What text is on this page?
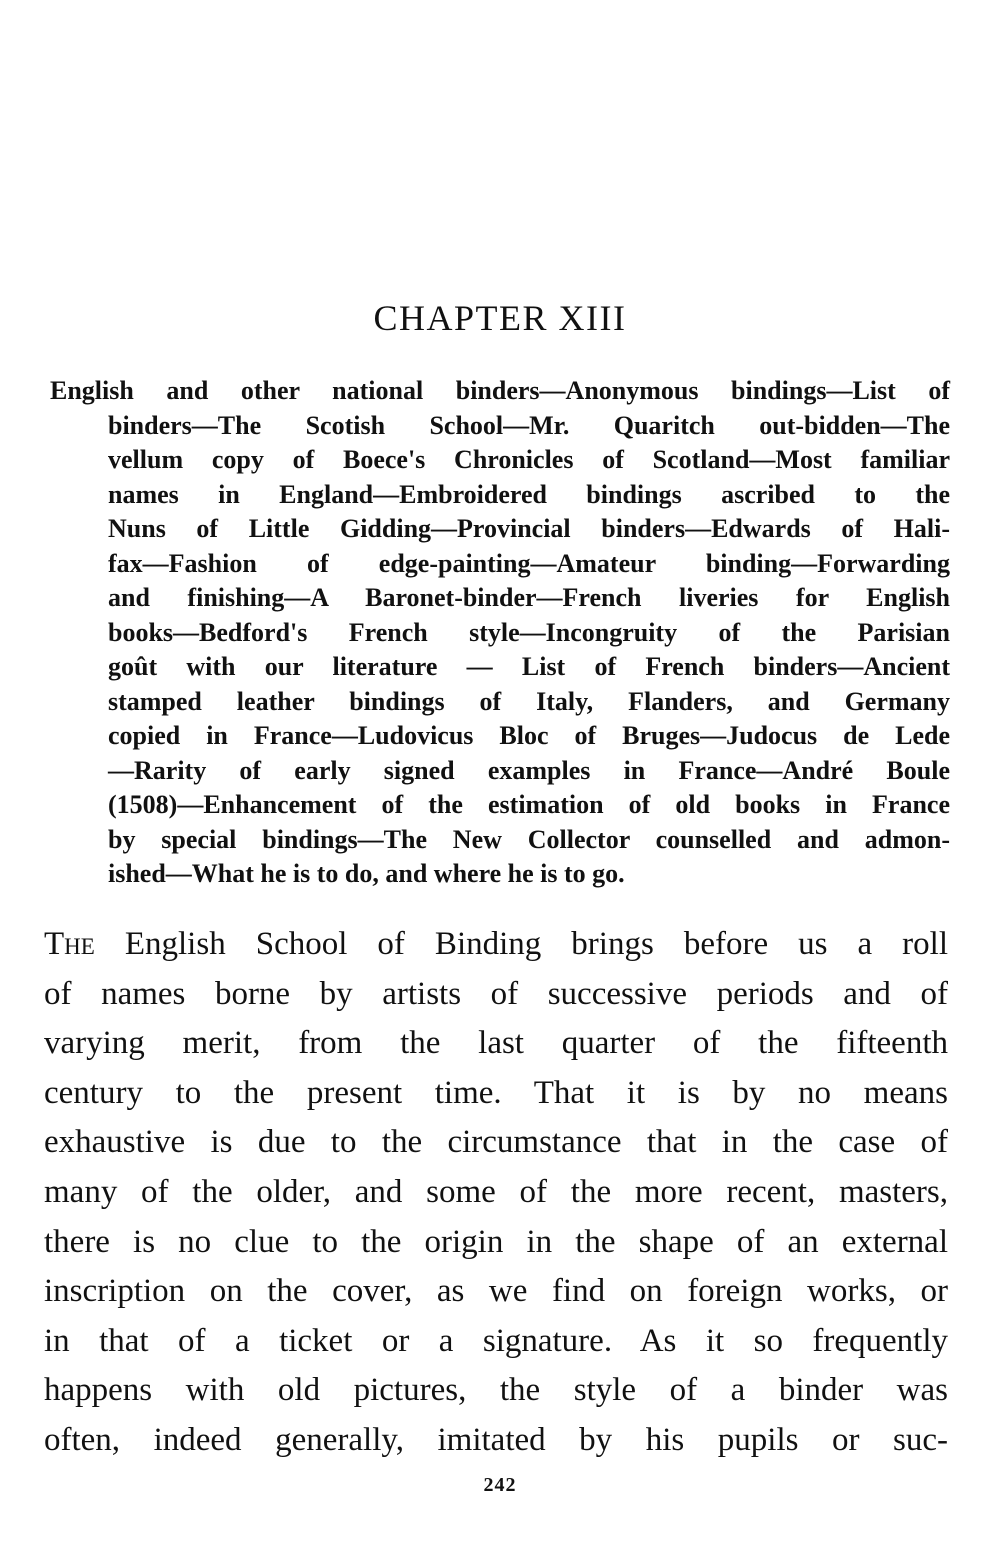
CHAPTER XIII
English and other national binders—Anonymous bindings—List of
binders—The Scotish School—Mr. Quaritch out-bidden—The
vellum copy of Boece's Chronicles of Scotland—Most familiar
names in England—Embroidered bindings ascribed to the
Nuns of Little Gidding—Provincial binders—Edwards of Hali-
fax—Fashion of edge-painting—Amateur binding—Forwarding
and finishing—A Baronet-binder—French liveries for English
books—Bedford's French style—Incongruity of the Parisian
goût with our literature — List of French binders—Ancient
stamped leather bindings of Italy, Flanders, and Germany
copied in France—Ludovicus Bloc of Bruges—Judocus de Lede
—Rarity of early signed examples in France—André Boule
(1508)—Enhancement of the estimation of old books in France
by special bindings—The New Collector counselled and admon-
ished—What he is to do, and where he is to go.
The English School of Binding brings before us a roll
of names borne by artists of successive periods and of
varying merit, from the last quarter of the fifteenth
century to the present time. That it is by no means
exhaustive is due to the circumstance that in the case of
many of the older, and some of the more recent, masters,
there is no clue to the origin in the shape of an external
inscription on the cover, as we find on foreign works, or
in that of a ticket or a signature. As it so frequently
happens with old pictures, the style of a binder was
often, indeed generally, imitated by his pupils or suc-
242
